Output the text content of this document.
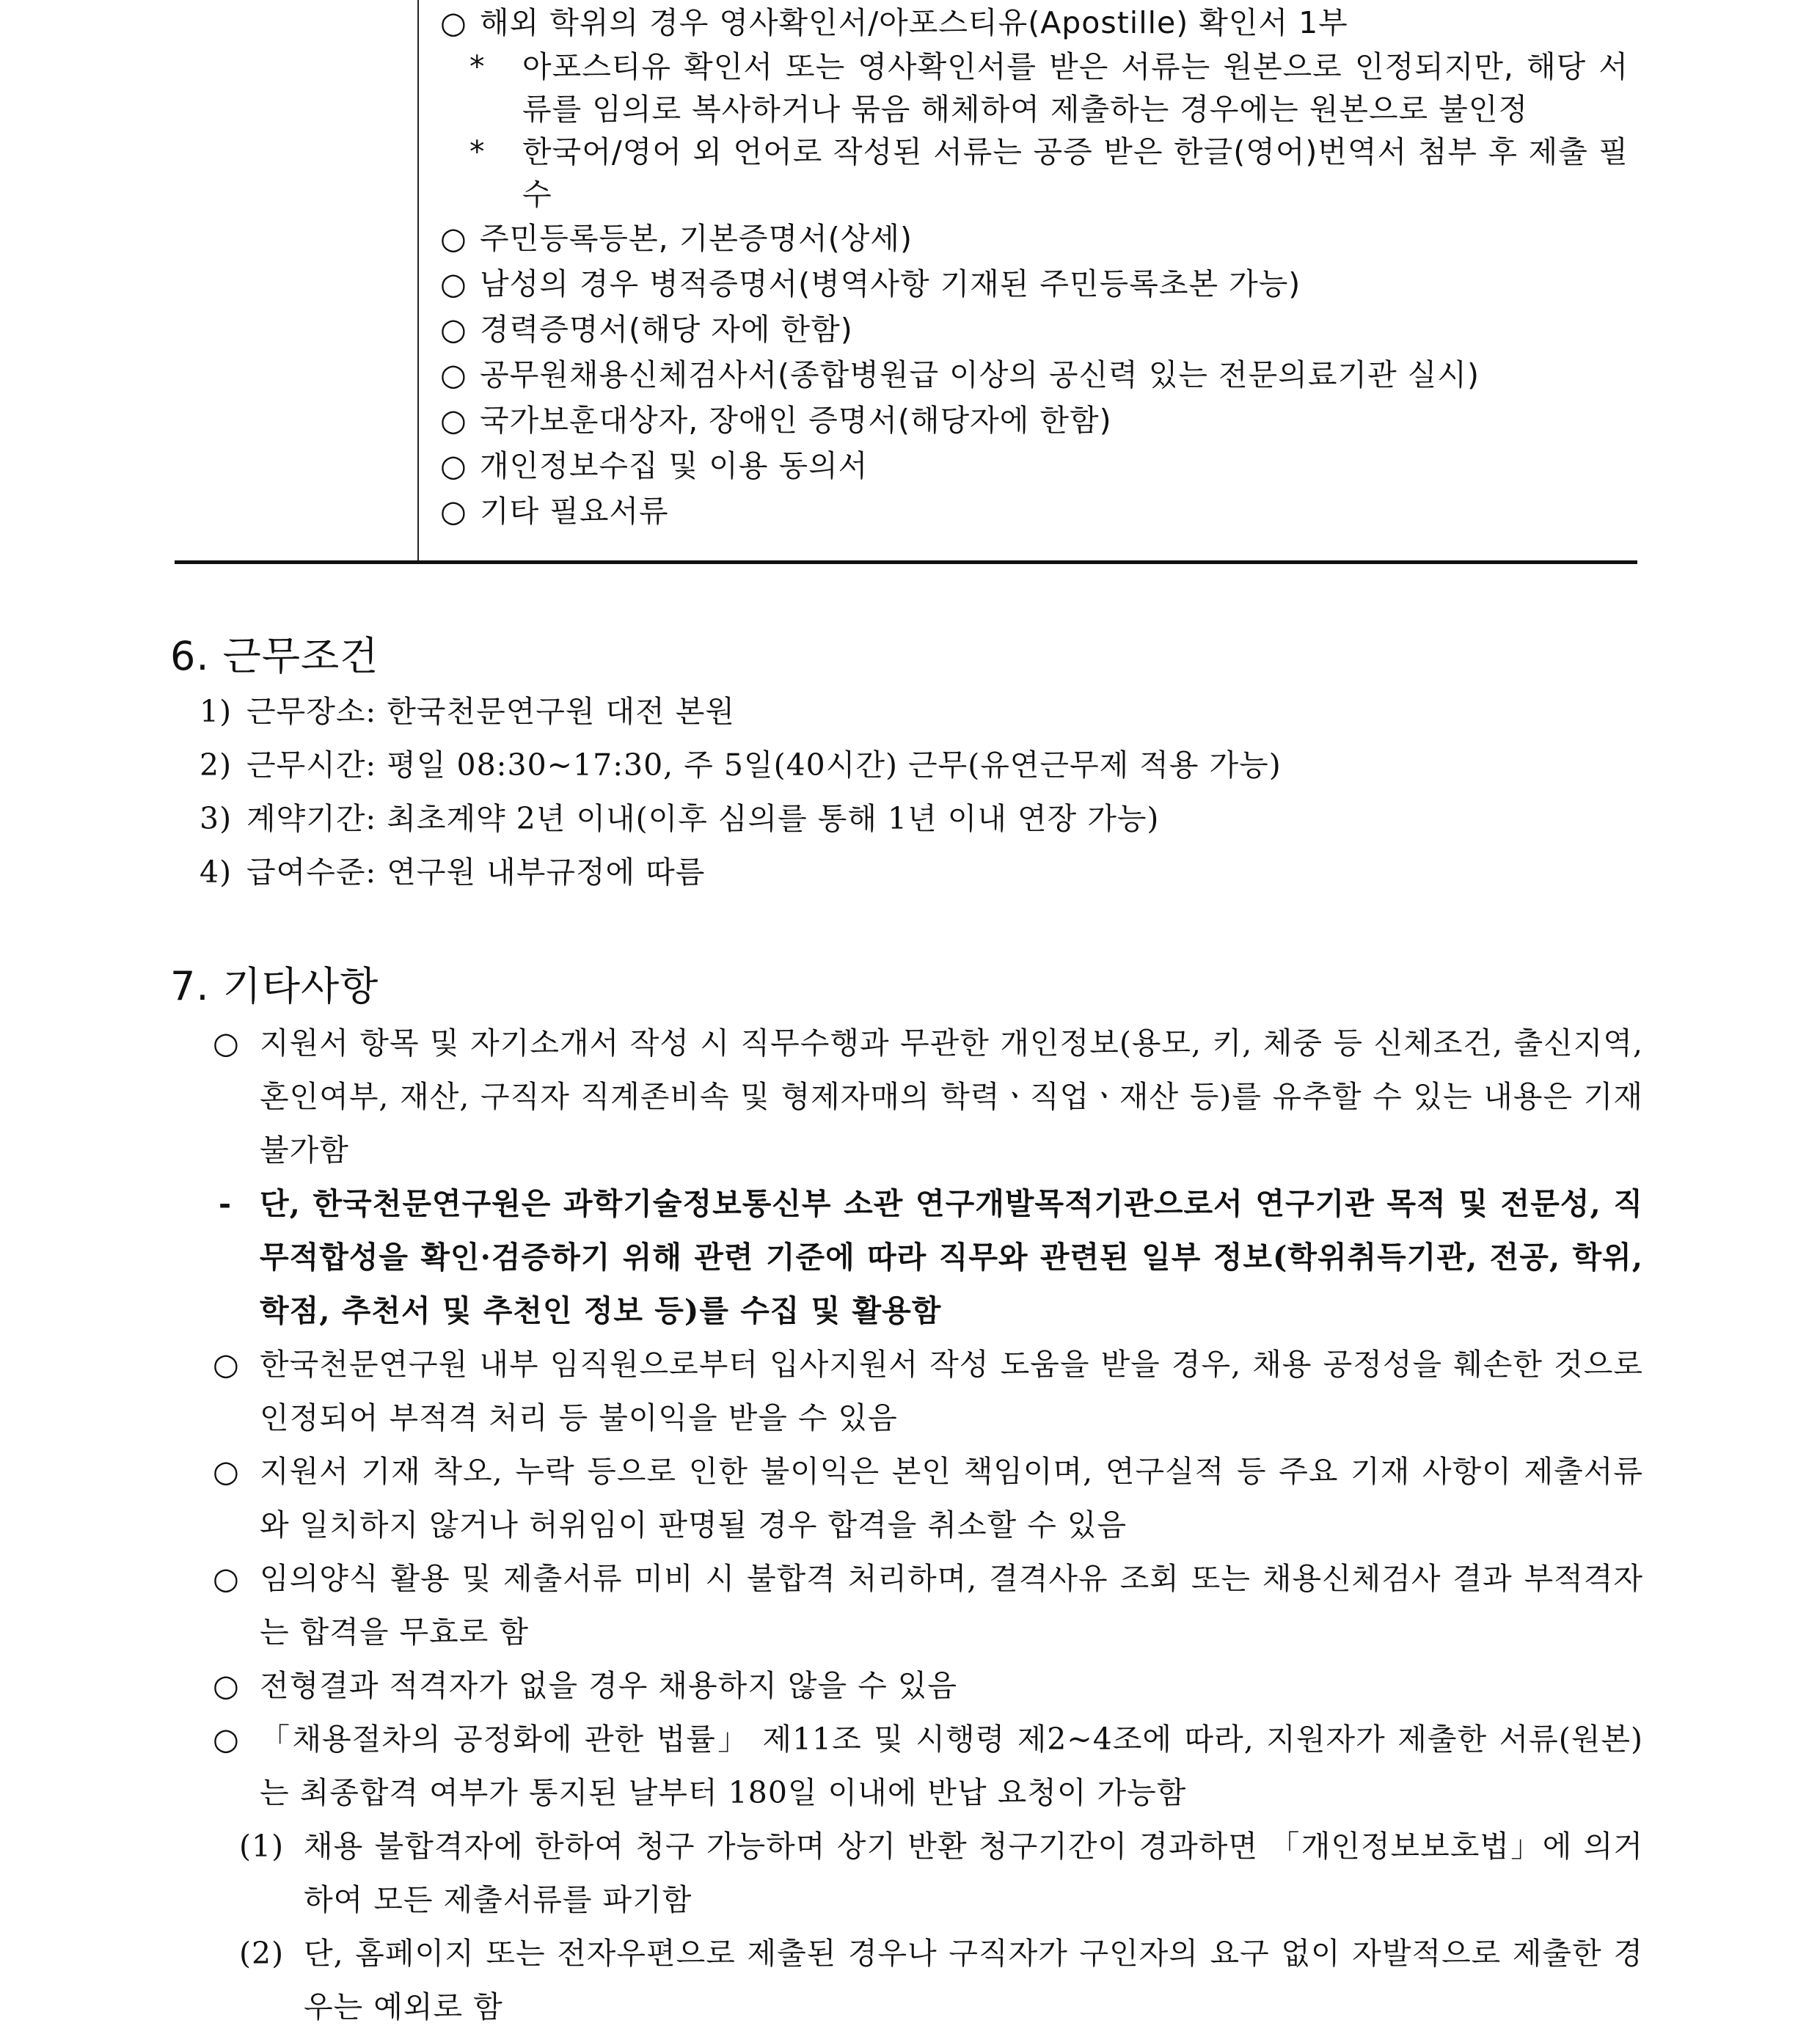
○ 해외 학위의 경우 영사확인서/아포스티유(Apostille) 확인서 1부
* 아포스티유 확인서 또는 영사확인서를 받은 서류는 원본으로 인정되지만, 해당 서류를 임의로 복사하거나 묶음 해체하여 제출하는 경우에는 원본으로 불인정
* 한국어/영어 외 언어로 작성된 서류는 공증 받은 한글(영어)번역서 첨부 후 제출 필수
○ 주민등록등본, 기본증명서(상세)
○ 남성의 경우 병적증명서(병역사항 기재된 주민등록초본 가능)
○ 경력증명서(해당 자에 한함)
○ 공무원채용신체검사서(종합병원급 이상의 공신력 있는 전문의료기관 실시)
○ 국가보훈대상자, 장애인 증명서(해당자에 한함)
○ 개인정보수집 및 이용 동의서
○ 기타 필요서류
6. 근무조건
1) 근무장소: 한국천문연구원 대전 본원
2) 근무시간: 평일 08:30~17:30, 주 5일(40시간) 근무(유연근무제 적용 가능)
3) 계약기간: 최초계약 2년 이내(이후 심의를 통해 1년 이내 연장 가능)
4) 급여수준: 연구원 내부규정에 따름
7. 기타사항
○ 지원서 항목 및 자기소개서 작성 시 직무수행과 무관한 개인정보(용모, 키, 체중 등 신체조건, 출신지역, 혼인여부, 재산, 구직자 직계존비속 및 형제자매의 학력ㆍ직업ㆍ재산 등)를 유추할 수 있는 내용은 기재 불가함
- 단, 한국천문연구원은 과학기술정보통신부 소관 연구개발목적기관으로서 연구기관 목적 및 전문성, 직무적합성을 확인·검증하기 위해 관련 기준에 따라 직무와 관련된 일부 정보(학위취득기관, 전공, 학위, 학점, 추천서 및 추천인 정보 등)를 수집 및 활용함
○ 한국천문연구원 내부 임직원으로부터 입사지원서 작성 도움을 받을 경우, 채용 공정성을 훼손한 것으로 인정되어 부적격 처리 등 불이익을 받을 수 있음
○ 지원서 기재 착오, 누락 등으로 인한 불이익은 본인 책임이며, 연구실적 등 주요 기재 사항이 제출서류와 일치하지 않거나 허위임이 판명될 경우 합격을 취소할 수 있음
○ 임의양식 활용 및 제출서류 미비 시 불합격 처리하며, 결격사유 조회 또는 채용신체검사 결과 부적격자는 합격을 무효로 함
○ 전형결과 적격자가 없을 경우 채용하지 않을 수 있음
○ 「채용절차의 공정화에 관한 법률」 제11조 및 시행령 제2~4조에 따라, 지원자가 제출한 서류(원본)는 최종합격 여부가 통지된 날부터 180일 이내에 반납 요청이 가능함
(1) 채용 불합격자에 한하여 청구 가능하며 상기 반환 청구기간이 경과하면 「개인정보보호법」에 의거하여 모든 제출서류를 파기함
(2) 단, 홈페이지 또는 전자우편으로 제출된 경우나 구직자가 구인자의 요구 없이 자발적으로 제출한 경우는 예외로 함
